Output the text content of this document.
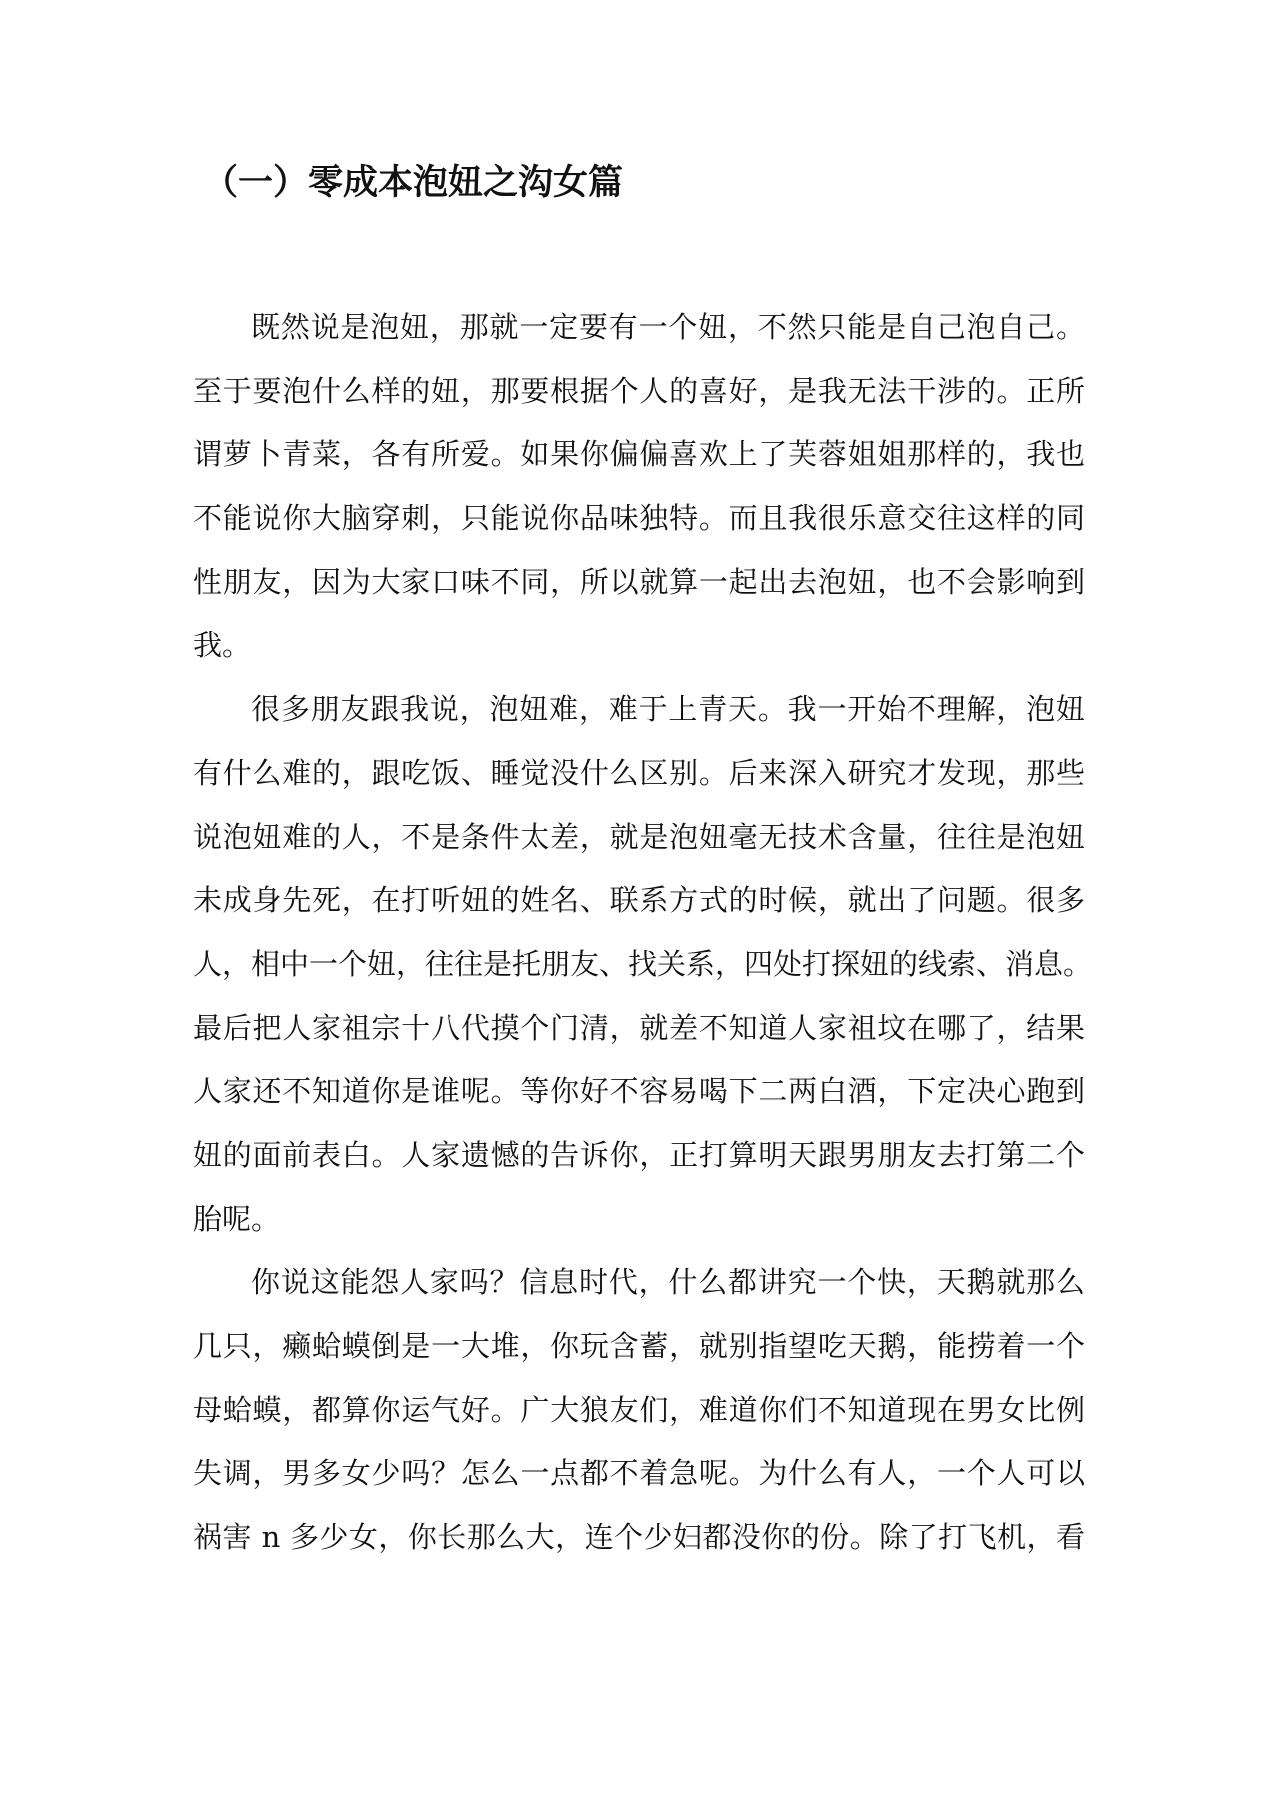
（一）零成本泡妞之沟女篇
既然说是泡妞，那就一定要有一个妞，不然只能是自己泡自己。
至于要泡什么样的妞，那要根据个人的喜好，是我无法干涉的。正所
谓萝卜青菜，各有所爱。如果你偏偏喜欢上了芙蓉姐姐那样的，我也
不能说你大脑穿刺，只能说你品味独特。而且我很乐意交往这样的同
性朋友，因为大家口味不同，所以就算一起出去泡妞，也不会影响到
我。
很多朋友跟我说，泡妞难，难于上青天。我一开始不理解，泡妞
有什么难的，跟吃饭、睡觉没什么区别。后来深入研究才发现，那些
说泡妞难的人，不是条件太差，就是泡妞毫无技术含量，往往是泡妞
未成身先死，在打听妞的姓名、联系方式的时候，就出了问题。很多
人，相中一个妞，往往是托朋友、找关系，四处打探妞的线索、消息。
最后把人家祖宗十八代摸个门清，就差不知道人家祖坟在哪了，结果
人家还不知道你是谁呢。等你好不容易喝下二两白酒，下定决心跑到
妞的面前表白。人家遗憾的告诉你，正打算明天跟男朋友去打第二个
胎呢。
你说这能怨人家吗？信息时代，什么都讲究一个快，天鹅就那么
几只，癞蛤蟆倒是一大堆，你玩含蓄，就别指望吃天鹅，能捞着一个
母蛤蟆，都算你运气好。广大狼友们，难道你们不知道现在男女比例
失调，男多女少吗？怎么一点都不着急呢。为什么有人，一个人可以
祸害 n 多少女，你长那么大，连个少妇都没你的份。除了打飞机，看
